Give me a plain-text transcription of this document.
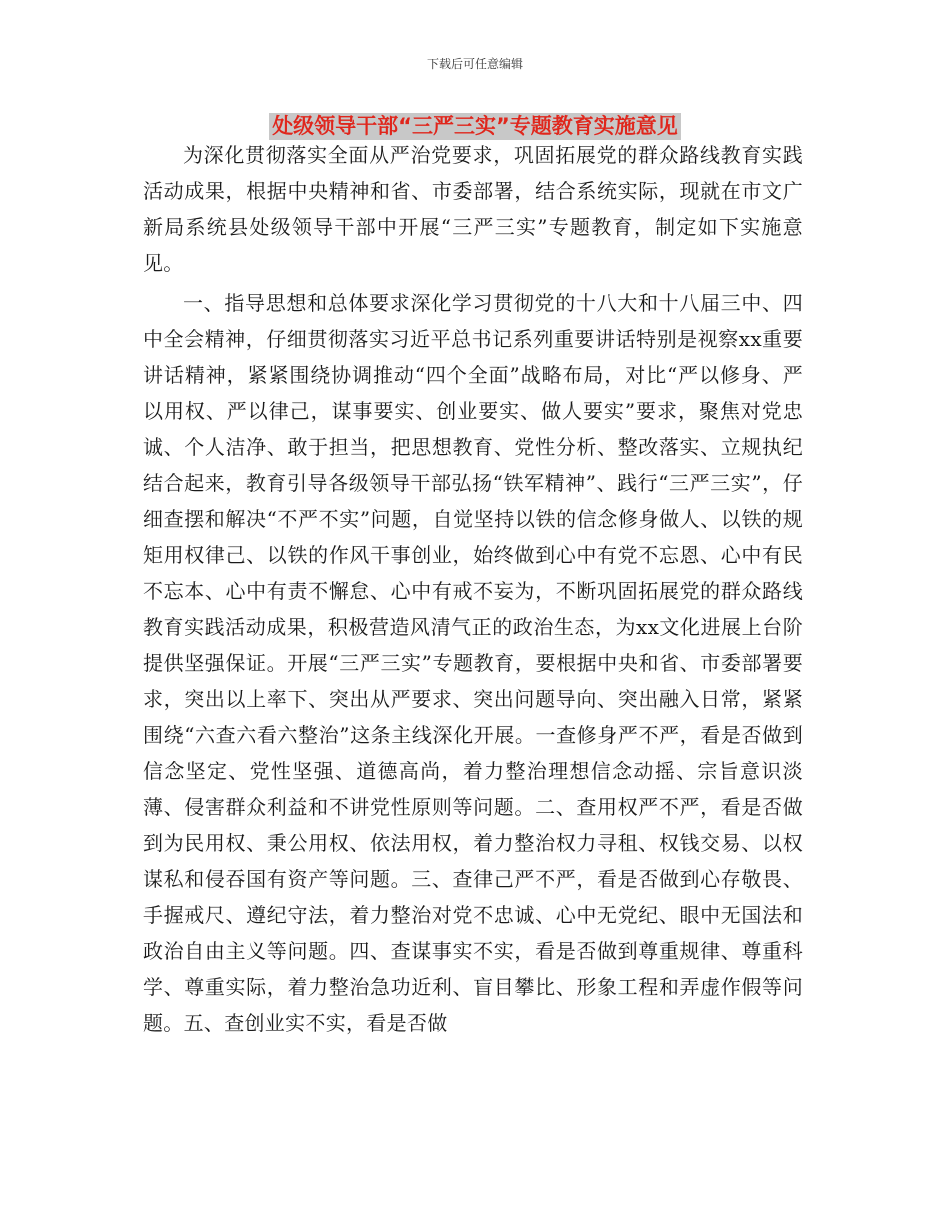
下载后可任意编辑
处级领导干部“三严三实”专题教育实施意见

为深化贯彻落实全面从严治党要求，巩固拓展党的群众路线教育实践活动成果，根据中央精神和省、市委部署，结合系统实际，现就在市文广新局系统县处级领导干部中开展“三严三实”专题教育，制定如下实施意见。

一、指导思想和总体要求深化学习贯彻党的十八大和十八届三中、四中全会精神，仔细贯彻落实习近平总书记系列重要讲话特别是视察xx重要讲话精神，紧紧围绕协调推动“四个全面”战略布局，对比“严以修身、严以用权、严以律己，谋事要实、创业要实、做人要实”要求，聚焦对党忠诚、个人洁净、敢于担当，把思想教育、党性分析、整改落实、立规执纪结合起来，教育引导各级领导干部弘扬“铁军精神”、践行“三严三实”，仔细查摆和解决“不严不实”问题，自觉坚持以铁的信念修身做人、以铁的规矩用权律己、以铁的作风干事创业，始终做到心中有党不忘恩、心中有民不忘本、心中有责不懈怠、心中有戒不妄为，不断巩固拓展党的群众路线教育实践活动成果，积极营造风清气正的政治生态，为xx文化进展上台阶提供坚强保证。开展“三严三实”专题教育，要根据中央和省、市委部署要求，突出以上率下、突出从严要求、突出问题导向、突出融入日常，紧紧围绕“六查六看六整治”这条主线深化开展。一查修身严不严，看是否做到信念坚定、党性坚强、道德高尚，着力整治理想信念动摇、宗旨意识淡薄、侵害群众利益和不讲党性原则等问题。二、查用权严不严，看是否做到为民用权、秉公用权、依法用权，着力整治权力寻租、权钱交易、以权谋私和侵吞国有资产等问题。三、查律己严不严，看是否做到心存敬畏、手握戒尺、遵纪守法，着力整治对党不忠诚、心中无党纪、眼中无国法和政治自由主义等问题。四、查谋事实不实，看是否做到尊重规律、尊重科学、尊重实际，着力整治急功近利、盲目攀比、形象工程和弄虚作假等问题。五、查创业实不实，看是否做
